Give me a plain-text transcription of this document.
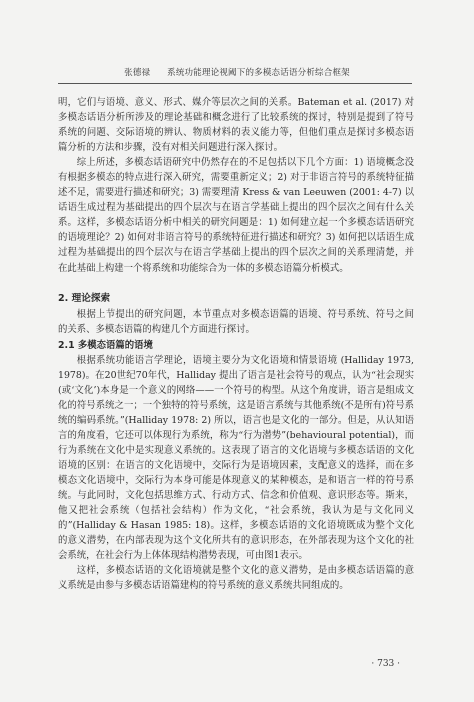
张德禄 系统功能理论视阈下的多模态话语分析综合框架

明，它们与语境、意义、形式、媒介等层次之间的关系。Bateman et al. (2017) 对多模态话语分析所涉及的理论基础和概念进行了比较系统的探讨，特别是提到了符号系统的问题、交际语境的辨认、物质材料的表义能力等，但他们重点是探讨多模态语篇分析的方法和步骤，没有对相关问题进行深入探讨。

综上所述，多模态话语研究中仍然存在的不足包括以下几个方面：1) 语境概念没有根据多模态的特点进行深入研究，需要重新定义；2) 对于非语言符号的系统特征描述不足，需要进行描述和研究；3) 需要理清 Kress & van Leeuwen (2001: 4-7) 以话语生成过程为基础提出的四个层次与在语言学基础上提出的四个层次之间有什么关系。这样，多模态话语分析中相关的研究问题是：1) 如何建立起一个多模态话语研究的语境理论？2) 如何对非语言符号的系统特征进行描述和研究？3) 如何把以话语生成过程为基础提出的四个层次与在语言学基础上提出的四个层次之间的关系理清楚，并在此基础上构建一个将系统和功能综合为一体的多模态语篇分析模式。

2. 理论探索

根据上节提出的研究问题，本节重点对多模态语篇的语境、符号系统、符号之间的关系、多模态语篇的构建几个方面进行探讨。

2.1 多模态语篇的语境

根据系统功能语言学理论，语境主要分为文化语境和情景语境 (Halliday 1973, 1978)。在20世纪70年代，Halliday 提出了语言是社会符号的观点，认为“社会现实(或‘文化’)本身是一个意义的网络——一个符号的构型。从这个角度讲，语言是组成文化的符号系统之一；一个独特的符号系统，这是语言系统与其他系统(不是所有)符号系统的编码系统。”(Halliday 1978: 2) 所以，语言也是文化的一部分。但是，从认知语言的角度看，它还可以体现行为系统，称为“行为潜势”(behavioural potential)，而行为系统在文化中是实现意义系统的。这表现了语言的文化语境与多模态话语的文化语境的区别：在语言的文化语境中，交际行为是语境因素，支配意义的选择，而在多模态文化语境中，交际行为本身可能是体现意义的某种模态，是和语言一样的符号系统。与此同时，文化包括思维方式、行动方式、信念和价值观、意识形态等。斯来，他又把社会系统（包括社会结构）作为文化，“社会系统，我认为是与文化同义的”(Halliday & Hasan 1985: 18)。这样，多模态话语的文化语境既成为整个文化的意义潜势，在内部表现为这个文化所共有的意识形态，在外部表现为这个文化的社会系统，在社会行为上体体现结构潜势表现，可由图1表示。

这样，多模态话语的文化语境就是整个文化的意义潜势，是由多模态话语篇的意义系统是由参与多模态话语篇建构的符号系统的意义系统共同组成的。

· 733 ·
